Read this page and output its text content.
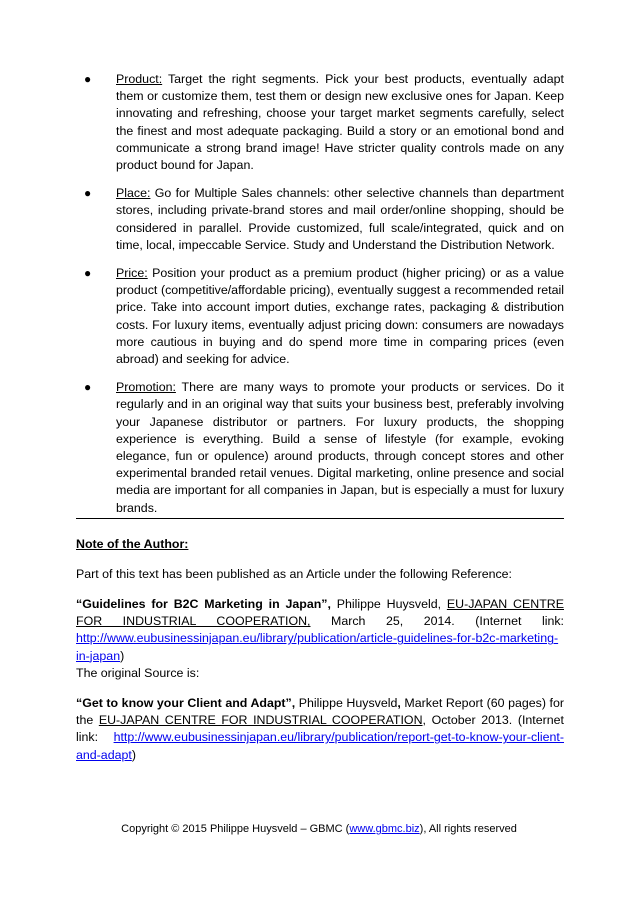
● Product: Target the right segments. Pick your best products, eventually adapt them or customize them, test them or design new exclusive ones for Japan. Keep innovating and refreshing, choose your target market segments carefully, select the finest and most adequate packaging. Build a story or an emotional bond and communicate a strong brand image! Have stricter quality controls made on any product bound for Japan.
● Place: Go for Multiple Sales channels: other selective channels than department stores, including private-brand stores and mail order/online shopping, should be considered in parallel. Provide customized, full scale/integrated, quick and on time, local, impeccable Service. Study and Understand the Distribution Network.
● Price: Position your product as a premium product (higher pricing) or as a value product (competitive/affordable pricing), eventually suggest a recommended retail price. Take into account import duties, exchange rates, packaging & distribution costs. For luxury items, eventually adjust pricing down: consumers are nowadays more cautious in buying and do spend more time in comparing prices (even abroad) and seeking for advice.
● Promotion: There are many ways to promote your products or services. Do it regularly and in an original way that suits your business best, preferably involving your Japanese distributor or partners. For luxury products, the shopping experience is everything. Build a sense of lifestyle (for example, evoking elegance, fun or opulence) around products, through concept stores and other experimental branded retail venues. Digital marketing, online presence and social media are important for all companies in Japan, but is especially a must for luxury brands.

Note of the Author:

Part of this text has been published as an Article under the following Reference:

“Guidelines for B2C Marketing in Japan”, Philippe Huysveld, EU-JAPAN CENTRE FOR INDUSTRIAL COOPERATION, March 25, 2014. (Internet link: http://www.eubusinessinjapan.eu/library/publication/article-guidelines-for-b2c-marketing-in-japan)

The original Source is:

“Get to know your Client and Adapt”, Philippe Huysveld, Market Report (60 pages) for the EU-JAPAN CENTRE FOR INDUSTRIAL COOPERATION, October 2013. (Internet link: http://www.eubusinessinjapan.eu/library/publication/report-get-to-know-your-client-and-adapt)

Copyright © 2015 Philippe Huysveld – GBMC (www.gbmc.biz), All rights reserved
